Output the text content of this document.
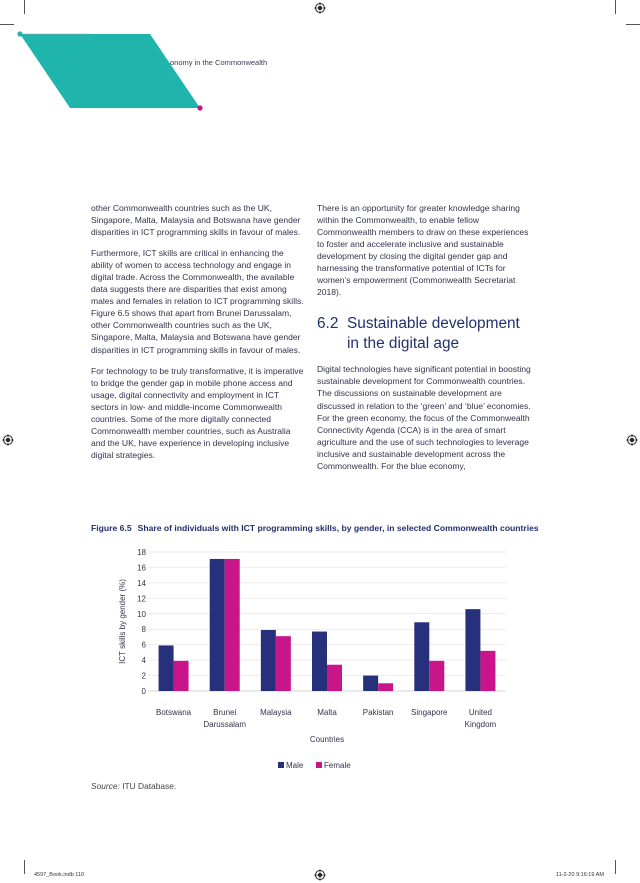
onomy in the Commonwealth

other Commonwealth countries such as the UK, Singapore, Malta, Malaysia and Botswana have gender disparities in ICT programming skills in favour of males.

Furthermore, ICT skills are critical in enhancing the ability of women to access technology and engage in digital trade. Across the Commonwealth, the available data suggests there are disparities that exist among males and females in relation to ICT programming skills. Figure 6.5 shows that apart from Brunei Darussalam, other Commonwealth countries such as the UK, Singapore, Malta, Malaysia and Botswana have gender disparities in ICT programming skills in favour of males.

For technology to be truly transformative, it is imperative to bridge the gender gap in mobile phone access and usage, digital connectivity and employment in ICT sectors in low- and middle-income Commonwealth countries. Some of the more digitally connected Commonwealth member countries, such as Australia and the UK, have experience in developing inclusive digital strategies.

There is an opportunity for greater knowledge sharing within the Commonwealth, to enable fellow Commonwealth members to draw on these experiences to foster and accelerate inclusive and sustainable development by closing the digital gender gap and harnessing the transformative potential of ICTs for women’s empowerment (Commonwealth Secretariat 2018).

6.2 Sustainable development in the digital age

Digital technologies have significant potential in boosting sustainable development for Commonwealth countries. The discussions on sustainable development are discussed in relation to the ‘green’ and ‘blue’ economies. For the green economy, the focus of the Commonwealth Connectivity Agenda (CCA) is in the area of smart agriculture and the use of such technologies to leverage inclusive and sustainable development across the Commonwealth. For the blue economy,

Figure 6.5 Share of individuals with ICT programming skills, by gender, in selected Commonwealth countries
0
2
4
6
8
10
12
14
16
18
Botswana	Brunei
Darussalam
Malaysia	Malta	Pakistan Singapore	United
Kingdom
Countries
ICT skills by gender (%)
Male	Female
Source: ITU Database.
4597_Book.indb 110	11-2-20 9:16:19 AM
